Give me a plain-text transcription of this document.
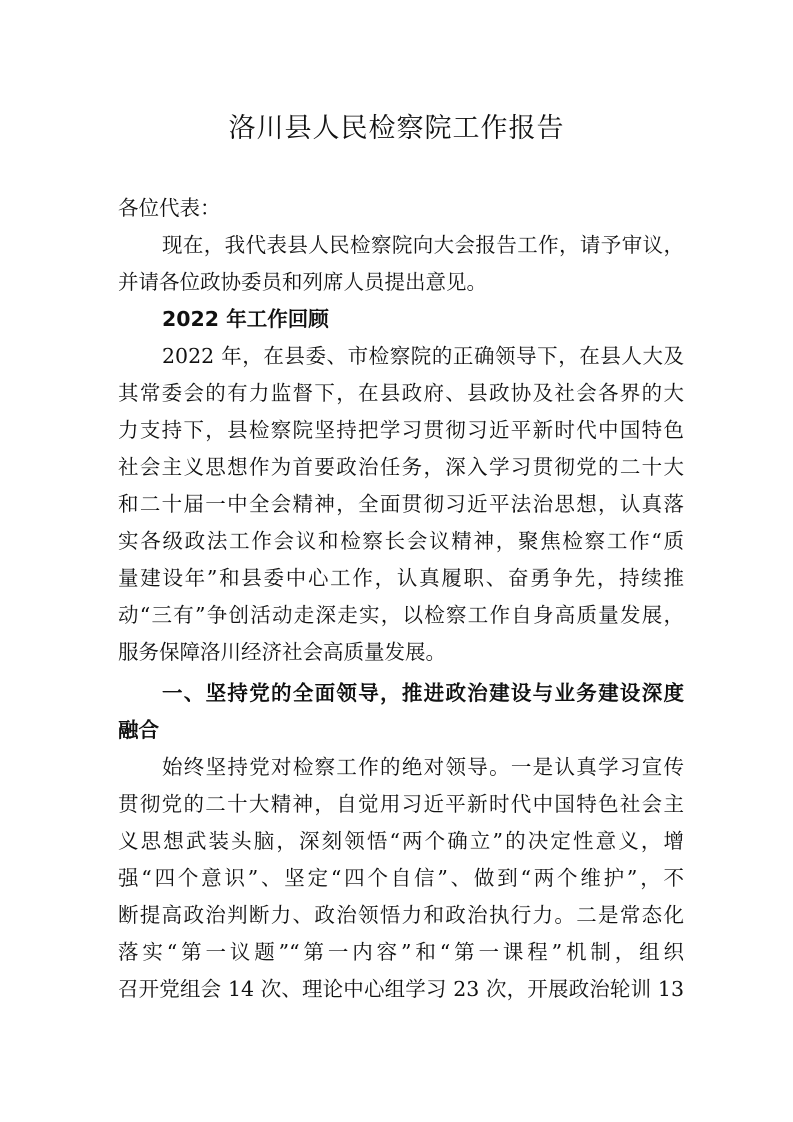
洛川县人民检察院工作报告
各位代表：
现在，我代表县人民检察院向大会报告工作，请予审议，
并请各位政协委员和列席人员提出意见。
2022 年工作回顾
2022 年，在县委、市检察院的正确领导下，在县人大及
其常委会的有力监督下，在县政府、县政协及社会各界的大
力支持下，县检察院坚持把学习贯彻习近平新时代中国特色
社会主义思想作为首要政治任务，深入学习贯彻党的二十大
和二十届一中全会精神，全面贯彻习近平法治思想，认真落
实各级政法工作会议和检察长会议精神，聚焦检察工作“质
量建设年”和县委中心工作，认真履职、奋勇争先，持续推
动“三有”争创活动走深走实，以检察工作自身高质量发展，
服务保障洛川经济社会高质量发展。
一、坚持党的全面领导，推进政治建设与业务建设深度
融合
始终坚持党对检察工作的绝对领导。一是认真学习宣传
贯彻党的二十大精神，自觉用习近平新时代中国特色社会主
义思想武装头脑，深刻领悟“两个确立”的决定性意义，增
强“四个意识”、坚定“四个自信”、做到“两个维护”，不
断提高政治判断力、政治领悟力和政治执行力。二是常态化
落实“第一议题”“第一内容”和“第一课程”机制，组织
召开党组会 14 次、理论中心组学习 23 次，开展政治轮训 13
